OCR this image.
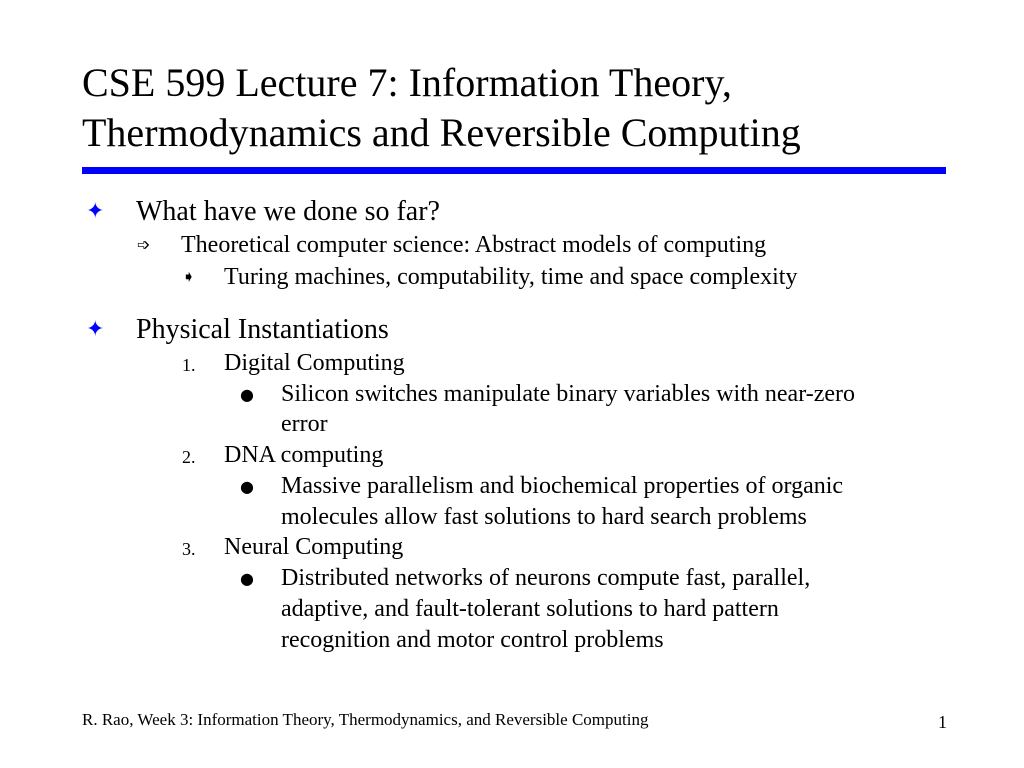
CSE 599 Lecture 7: Information Theory,
Thermodynamics and Reversible Computing
✦ What have we done so far?
➩ Theoretical computer science: Abstract models of computing
➧ Turing machines, computability, time and space complexity
✦ Physical Instantiations
1. Digital Computing
● Silicon switches manipulate binary variables with near-zero
error
2. DNA computing
● Massive parallelism and biochemical properties of organic
molecules allow fast solutions to hard search problems
3. Neural Computing
● Distributed networks of neurons compute fast, parallel,
adaptive, and fault-tolerant solutions to hard pattern
recognition and motor control problems
R. Rao, Week 3: Information Theory, Thermodynamics, and Reversible Computing	1
